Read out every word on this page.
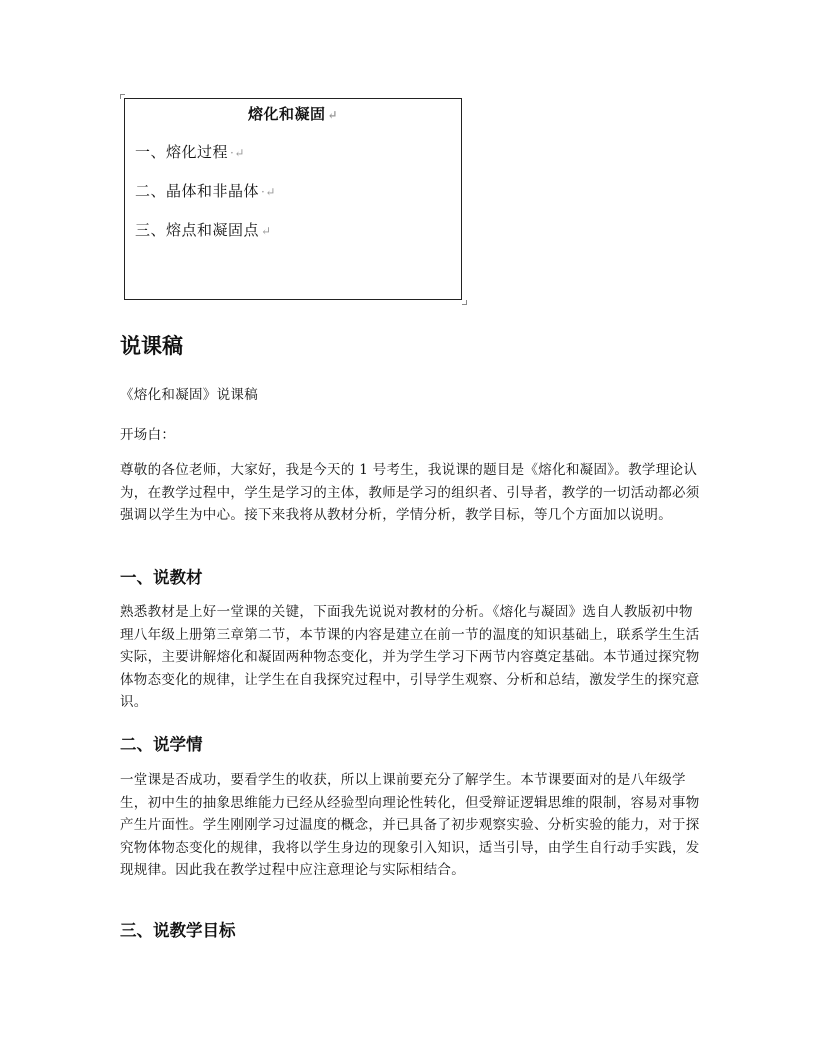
熔化和凝固 ↵
一、熔化过程 ·↵
二、晶体和非晶体 ·↵
三、熔点和凝固点 ↵
说课稿
《熔化和凝固》说课稿
开场白：
尊敬的各位老师，大家好，我是今天的 1 号考生，我说课的题目是《熔化和凝固》。教学理论认为，在教学过程中，学生是学习的主体，教师是学习的组织者、引导者，教学的一切活动都必须强调以学生为中心。接下来我将从教材分析，学情分析，教学目标，等几个方面加以说明。
一、说教材
熟悉教材是上好一堂课的关键，下面我先说说对教材的分析。《熔化与凝固》选自人教版初中物理八年级上册第三章第二节，本节课的内容是建立在前一节的温度的知识基础上，联系学生生活实际，主要讲解熔化和凝固两种物态变化，并为学生学习下两节内容奠定基础。本节通过探究物体物态变化的规律，让学生在自我探究过程中，引导学生观察、分析和总结，激发学生的探究意识。
二、说学情
一堂课是否成功，要看学生的收获，所以上课前要充分了解学生。本节课要面对的是八年级学生，初中生的抽象思维能力已经从经验型向理论性转化，但受辩证逻辑思维的限制，容易对事物产生片面性。学生刚刚学习过温度的概念，并已具备了初步观察实验、分析实验的能力，对于探究物体物态变化的规律，我将以学生身边的现象引入知识，适当引导，由学生自行动手实践，发现规律。因此我在教学过程中应注意理论与实际相结合。
三、说教学目标
